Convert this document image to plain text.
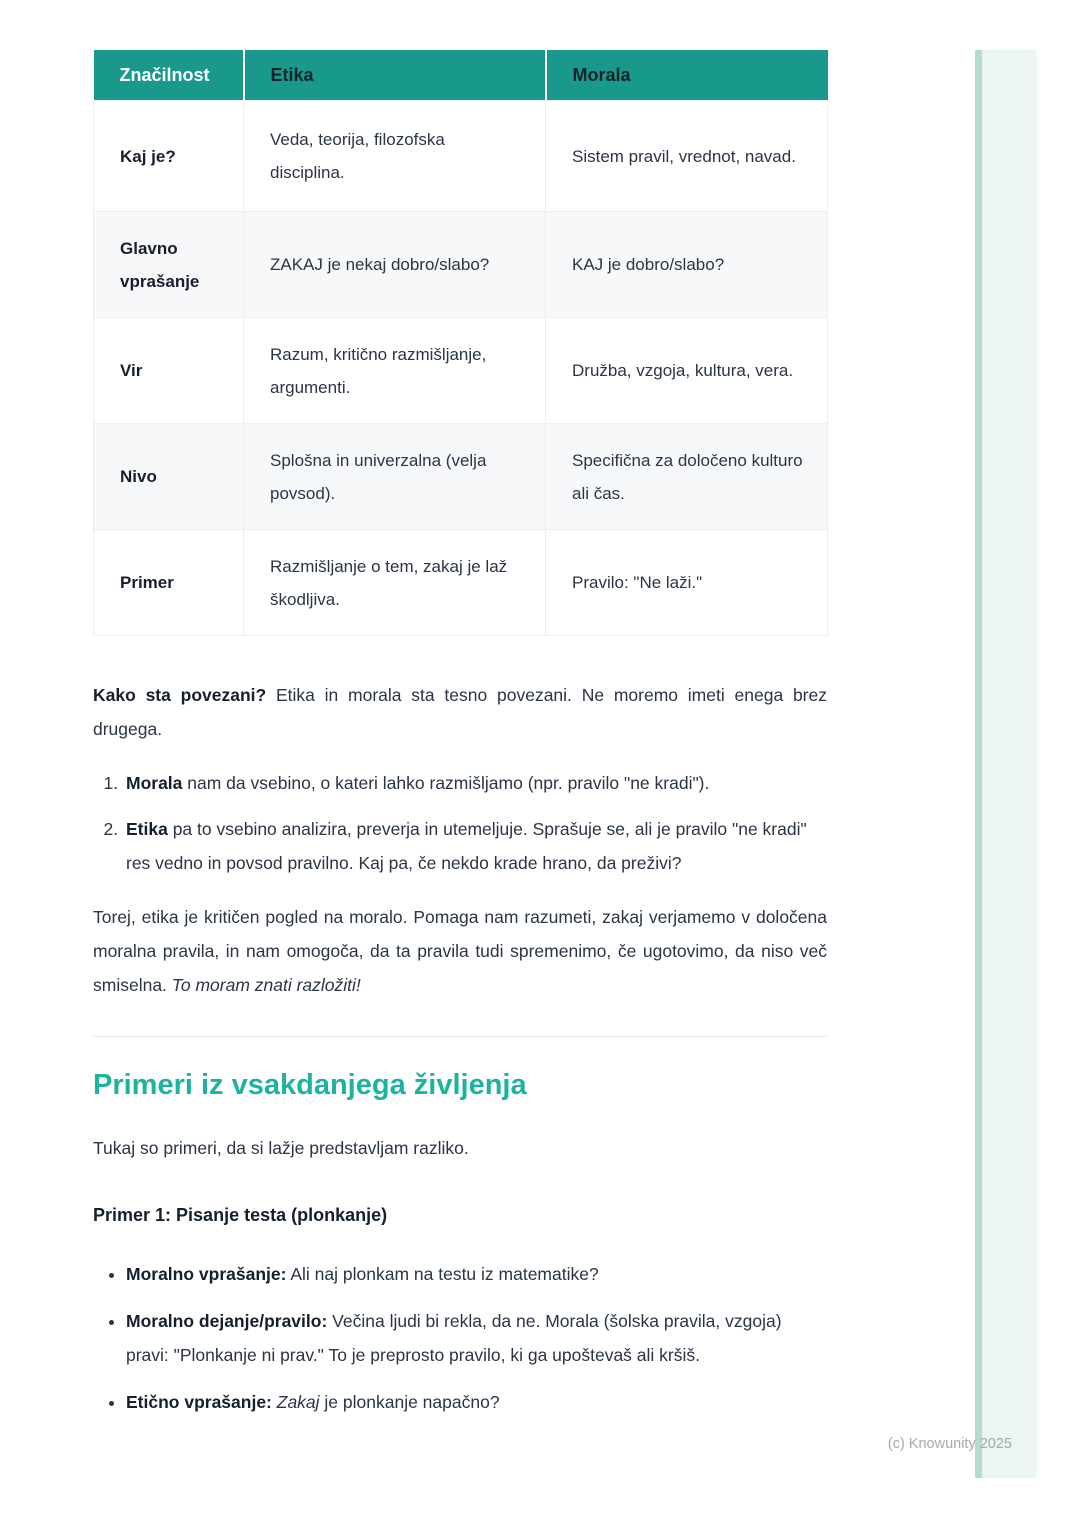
Značilnost	Etika	Morala
Kaj je?	Veda, teorija, filozofska disciplina.	Sistem pravil, vrednot, navad.
Glavno vprašanje	ZAKAJ je nekaj dobro/slabo?	KAJ je dobro/slabo?
Vir	Razum, kritično razmišljanje, argumenti.	Družba, vzgoja, kultura, vera.
Nivo	Splošna in univerzalna (velja povsod).	Specifična za določeno kulturo ali čas.
Primer	Razmišljanje o tem, zakaj je laž škodljiva.	Pravilo: "Ne laži."

Kako sta povezani? Etika in morala sta tesno povezani. Ne moremo imeti enega brez drugega.

1. Morala nam da vsebino, o kateri lahko razmišljamo (npr. pravilo "ne kradi").
2. Etika pa to vsebino analizira, preverja in utemeljuje. Sprašuje se, ali je pravilo "ne kradi" res vedno in povsod pravilno. Kaj pa, če nekdo krade hrano, da preživi?

Torej, etika je kritičen pogled na moralo. Pomaga nam razumeti, zakaj verjamemo v določena moralna pravila, in nam omogoča, da ta pravila tudi spremenimo, če ugotovimo, da niso več smiselna. To moram znati razložiti!

Primeri iz vsakdanjega življenja

Tukaj so primeri, da si lažje predstavljam razliko.

Primer 1: Pisanje testa (plonkanje)

• Moralno vprašanje: Ali naj plonkam na testu iz matematike?
• Moralno dejanje/pravilo: Večina ljudi bi rekla, da ne. Morala (šolska pravila, vzgoja) pravi: "Plonkanje ni prav." To je preprosto pravilo, ki ga upoštevaš ali kršiš.
• Etično vprašanje: Zakaj je plonkanje napačno?
(c) Knowunity 2025
